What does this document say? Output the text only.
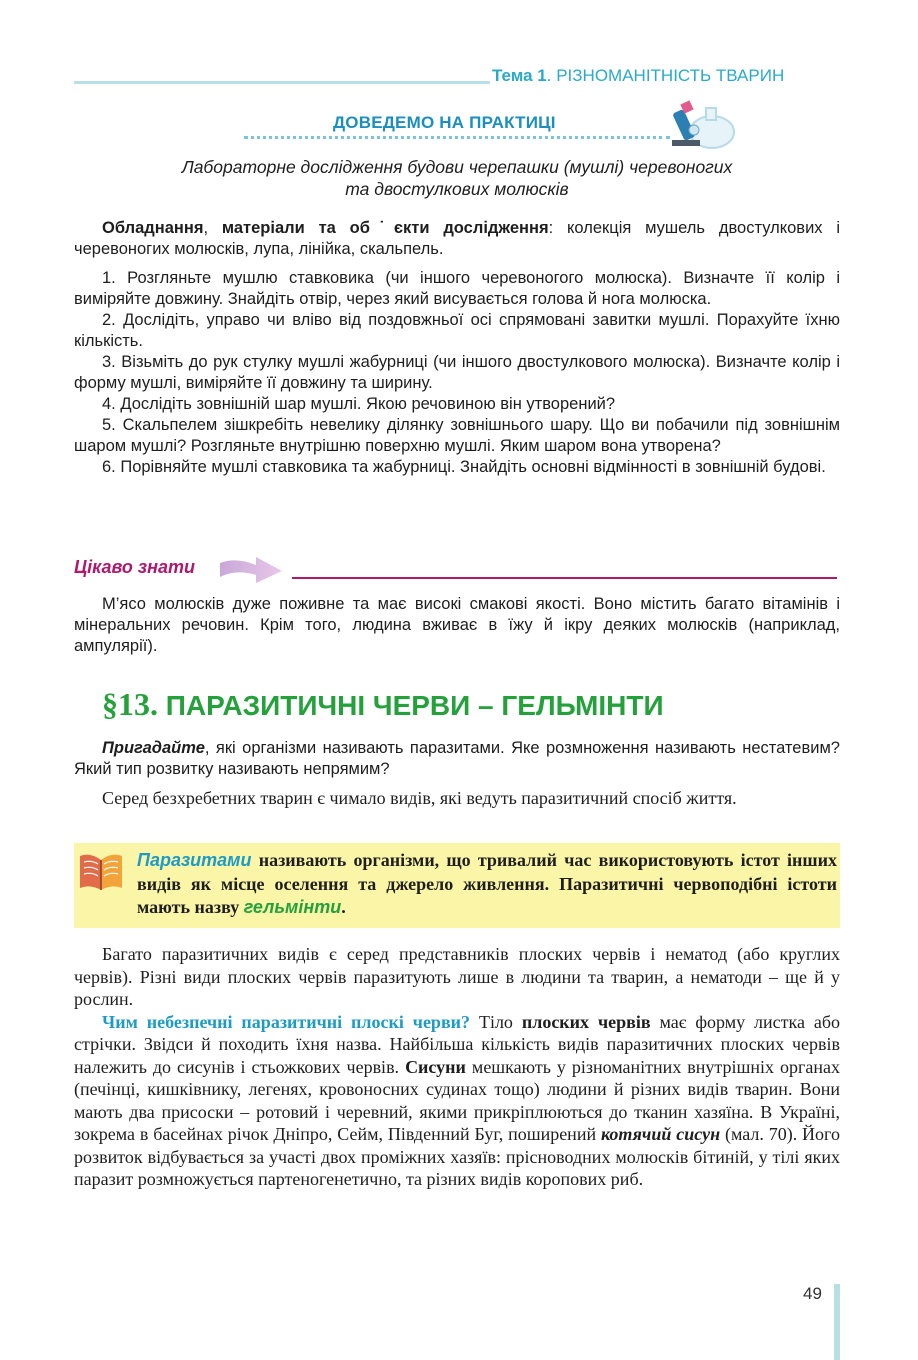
Тема 1. РІЗНОМАНІТНІСТЬ ТВАРИН
ДОВЕДЕМО НА ПРАКТИЦІ
Лабораторне дослідження будови черепашки (мушлі) черевоногих
та двостулкових молюсків

Обладнання, матеріали та об˙єкти дослідження: колекція мушель двостулкових і черевоногих молюсків, лупа, лінійка, скальпель.

1. Розгляньте мушлю ставковика (чи іншого черевоногого молюска). Визначте її колір і виміряйте довжину. Знайдіть отвір, через який висувається голова й нога молюска.

2. Дослідіть, управо чи вліво від поздовжньої осі спрямовані завитки мушлі. Порахуйте їхню кількість.

3. Візьміть до рук стулку мушлі жабурниці (чи іншого двостулкового молюска). Визначте колір і форму мушлі, виміряйте її довжину та ширину.

4. Дослідіть зовнішній шар мушлі. Якою речовиною він утворений?

5. Скальпелем зішкребіть невелику ділянку зовнішнього шару. Що ви побачили під зовнішнім шаром мушлі? Розгляньте внутрішню поверхню мушлі. Яким шаром вона утворена?

6. Порівняйте мушлі ставковика та жабурниці. Знайдіть основні відмінності в зовнішній будові.

Цікаво знати

М’ясо молюсків дуже поживне та має високі смакові якості. Воно містить багато вітамінів і мінеральних речовин. Крім того, людина вживає в їжу й ікру деяких молюсків (наприклад, ампулярії).

§13. ПАРАЗИТИЧНІ ЧЕРВИ – ГЕЛЬМІНТИ

Пригадайте, які організми називають паразитами. Яке розмноження називають нестатевим? Який тип розвитку називають непрямим?

Серед безхребетних тварин є чимало видів, які ведуть паразитичний спосіб життя.

Паразитами називають організми, що тривалий час використовують істот інших видів як місце оселення та джерело живлення. Паразитичні червоподібні істоти мають назву гельмінти.

Багато паразитичних видів є серед представників плоских червів і нематод (або круглих червів). Різні види плоских червів паразитують лише в людини та тварин, а нематоди – ще й у рослин.

Чим небезпечні паразитичні плоскі черви? Тіло плоских червів має форму листка або стрічки. Звідси й походить їхня назва. Найбільша кількість видів паразитичних плоских червів належить до сисунів і стьожкових червів. Сисуни мешкають у різноманітних внутрішніх органах (печінці, кишківнику, легенях, кровоносних судинах тощо) людини й різних видів тварин. Вони мають два присоски – ротовий і черевний, якими прикріплюються до тканин хазяїна. В Україні, зокрема в басейнах річок Дніпро, Сейм, Південний Буг, поширений котячий сисун (мал. 70). Його розвиток відбувається за участі двох проміжних хазяїв: прісноводних молюсків бітиній, у тілі яких паразит розмножується партеногенетично, та різних видів коропових риб.

49
